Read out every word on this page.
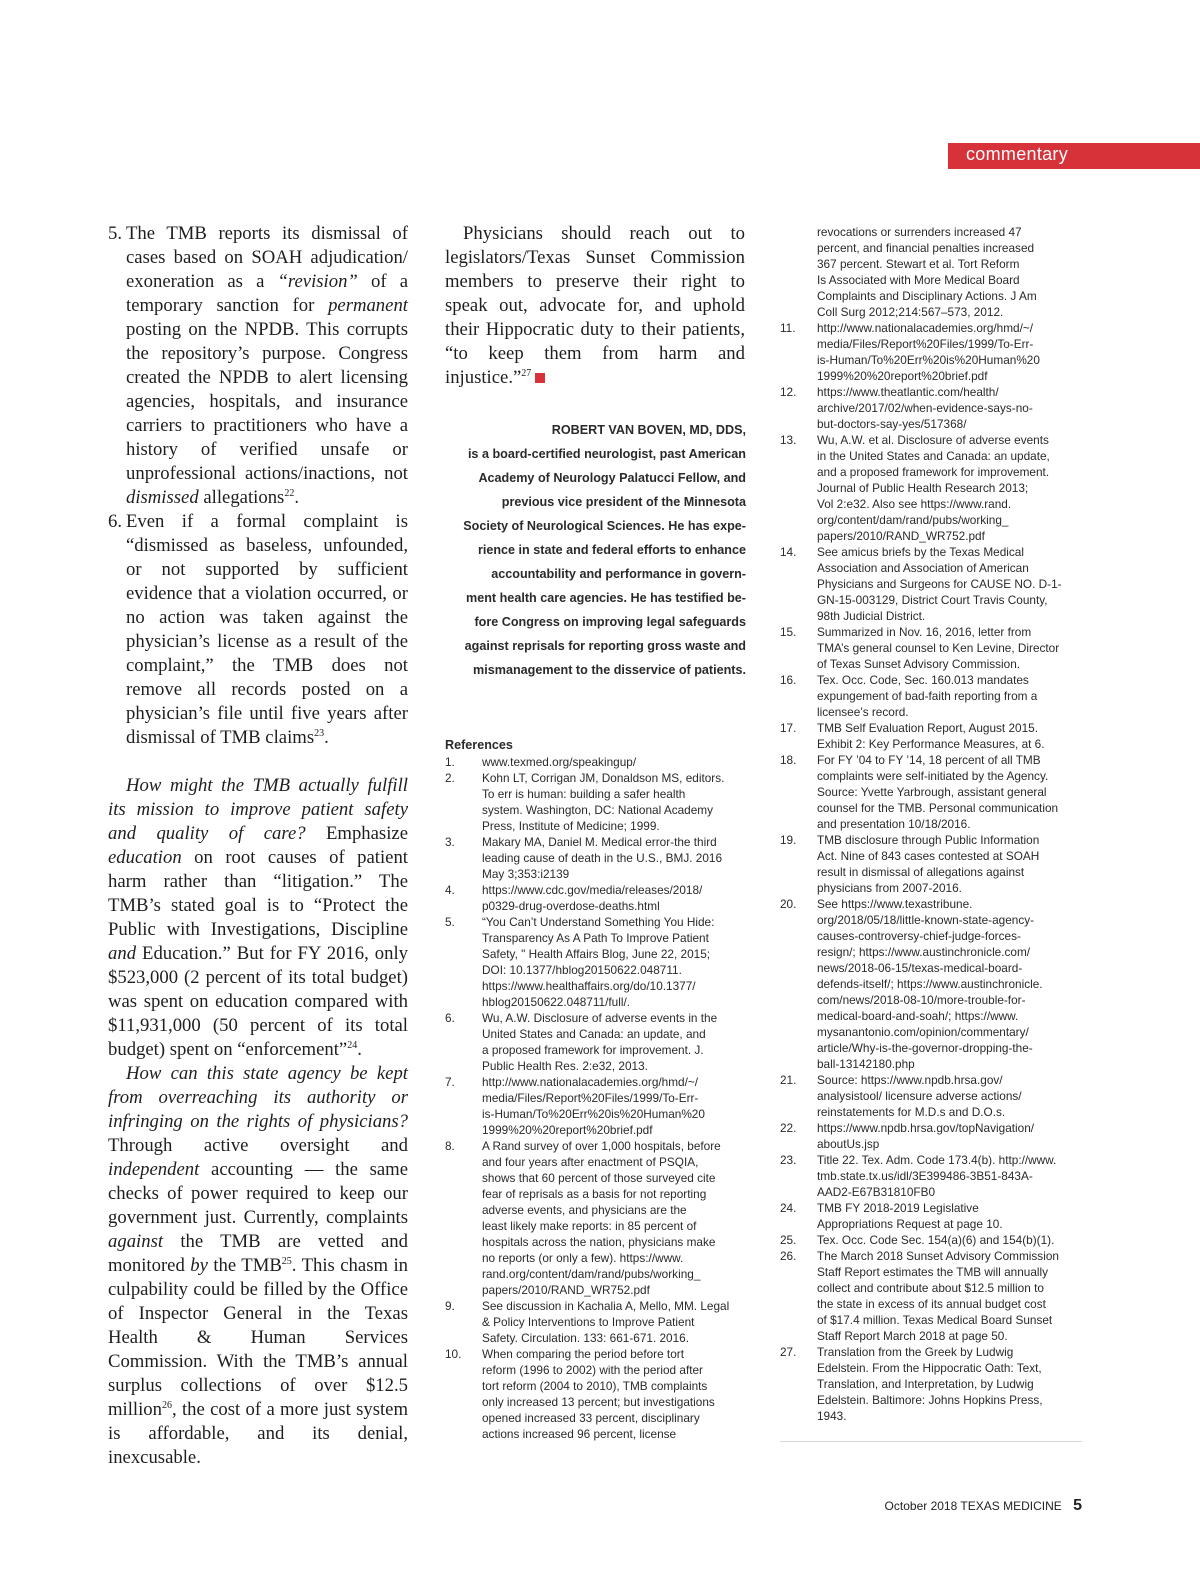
commentary
5. The TMB reports its dismissal of cases based on SOAH adjudication/ exoneration as a “revision” of a temporary sanction for permanent posting on the NPDB. This corrupts the repository’s purpose. Congress created the NPDB to alert licensing agencies, hospitals, and insurance carriers to practitioners who have a history of verified unsafe or unprofessional actions/inactions, not dismissed allegations$^{22}$.
6. Even if a formal complaint is “dismissed as baseless, unfounded, or not supported by sufficient evidence that a violation occurred, or no action was taken against the physician’s license as a result of the complaint,” the TMB does not remove all records posted on a physician’s file until five years after dismissal of TMB claims$^{23}$.

How might the TMB actually fulfill its mission to improve patient safety and quality of care? Emphasize education on root causes of patient harm rather than “litigation.” The TMB’s stated goal is to “Protect the Public with Investigations, Discipline and Education.” But for FY 2016, only $523,000 (2 percent of its total budget) was spent on education compared with $11,931,000 (50 percent of its total budget) spent on “enforcement”$^{24}$.

How can this state agency be kept from overreaching its authority or infringing on the rights of physicians? Through active oversight and independent accounting — the same checks of power required to keep our government just. Currently, complaints against the TMB are vetted and monitored by the TMB$^{25}$. This chasm in culpability could be filled by the Office of Inspector General in the Texas Health & Human Services Commission. With the TMB’s annual surplus collections of over $12.5 million$^{26}$, the cost of a more just system is affordable, and its denial, inexcusable.

Physicians should reach out to legislators/Texas Sunset Commission members to preserve their right to speak out, advocate for, and uphold their Hippocratic duty to their patients, “to keep them from harm and injustice.”$^{27}$

ROBERT VAN BOVEN, MD, DDS,
is a board-certified neurologist, past American
Academy of Neurology Palatucci Fellow, and
previous vice president of the Minnesota
Society of Neurological Sciences. He has expe-
rience in state and federal efforts to enhance
accountability and performance in govern-
ment health care agencies. He has testified be-
fore Congress on improving legal safeguards
against reprisals for reporting gross waste and
mismanagement to the disservice of patients.
References
1. www.texmed.org/speakingup/
2. Kohn LT, Corrigan JM, Donaldson MS, editors.
To err is human: building a safer health
system. Washington, DC: National Academy
Press, Institute of Medicine; 1999.
3. Makary MA, Daniel M. Medical error-the third
leading cause of death in the U.S., BMJ. 2016
May 3;353:i2139
4. https://www.cdc.gov/media/releases/2018/
p0329-drug-overdose-deaths.html
5. “You Can’t Understand Something You Hide:
Transparency As A Path To Improve Patient
Safety, " Health Affairs Blog, June 22, 2015;
DOI: 10.1377/hblog20150622.048711.
https://www.healthaffairs.org/do/10.1377/
hblog20150622.048711/full/.
6. Wu, A.W. Disclosure of adverse events in the
United States and Canada: an update, and
a proposed framework for improvement. J.
Public Health Res. 2:e32, 2013.
7. http://www.nationalacademies.org/hmd/~/
media/Files/Report%20Files/1999/To-Err-
is-Human/To%20Err%20is%20Human%20
1999%20%20report%20brief.pdf
8. A Rand survey of over 1,000 hospitals, before
and four years after enactment of PSQIA,
shows that 60 percent of those surveyed cite
fear of reprisals as a basis for not reporting
adverse events, and physicians are the
least likely make reports: in 85 percent of
hospitals across the nation, physicians make
no reports (or only a few). https://www.
rand.org/content/dam/rand/pubs/working_
papers/2010/RAND_WR752.pdf
9. See discussion in Kachalia A, Mello, MM. Legal
& Policy Interventions to Improve Patient
Safety. Circulation. 133: 661-671. 2016.
10. When comparing the period before tort
reform (1996 to 2002) with the period after
tort reform (2004 to 2010), TMB complaints
only increased 13 percent; but investigations
opened increased 33 percent, disciplinary
actions increased 96 percent, license
revocations or surrenders increased 47
percent, and financial penalties increased
367 percent. Stewart et al. Tort Reform
Is Associated with More Medical Board
Complaints and Disciplinary Actions. J Am
Coll Surg 2012;214:567–573, 2012.
11. http://www.nationalacademies.org/hmd/~/
media/Files/Report%20Files/1999/To-Err-
is-Human/To%20Err%20is%20Human%20
1999%20%20report%20brief.pdf
12. https://www.theatlantic.com/health/
archive/2017/02/when-evidence-says-no-
but-doctors-say-yes/517368/
13. Wu, A.W. et al. Disclosure of adverse events
in the United States and Canada: an update,
and a proposed framework for improvement.
Journal of Public Health Research 2013;
Vol 2:e32. Also see https://www.rand.
org/content/dam/rand/pubs/working_
papers/2010/RAND_WR752.pdf
14. See amicus briefs by the Texas Medical
Association and Association of American
Physicians and Surgeons for CAUSE NO. D-1-
GN-15-003129, District Court Travis County,
98th Judicial District.
15. Summarized in Nov. 16, 2016, letter from
TMA’s general counsel to Ken Levine, Director
of Texas Sunset Advisory Commission.
16. Tex. Occ. Code, Sec. 160.013 mandates
expungement of bad-faith reporting from a
licensee’s record.
17. TMB Self Evaluation Report, August 2015.
Exhibit 2: Key Performance Measures, at 6.
18. For FY ’04 to FY ’14, 18 percent of all TMB
complaints were self-initiated by the Agency.
Source: Yvette Yarbrough, assistant general
counsel for the TMB. Personal communication
and presentation 10/18/2016.
19. TMB disclosure through Public Information
Act. Nine of 843 cases contested at SOAH
result in dismissal of allegations against
physicians from 2007-2016.
20. See https://www.texastribune.
org/2018/05/18/little-known-state-agency-
causes-controversy-chief-judge-forces-
resign/; https://www.austinchronicle.com/
news/2018-06-15/texas-medical-board-
defends-itself/; https://www.austinchronicle.
com/news/2018-08-10/more-trouble-for-
medical-board-and-soah/; https://www.
mysanantonio.com/opinion/commentary/
article/Why-is-the-governor-dropping-the-
ball-13142180.php
21. Source: https://www.npdb.hrsa.gov/
analysistool/ licensure adverse actions/
reinstatements for M.D.s and D.O.s.
22. https://www.npdb.hrsa.gov/topNavigation/
aboutUs.jsp
23. Title 22. Tex. Adm. Code 173.4(b). http://www.
tmb.state.tx.us/idl/3E399486-3B51-843A-
AAD2-E67B31810FB0
24. TMB FY 2018-2019 Legislative
Appropriations Request at page 10.
25. Tex. Occ. Code Sec. 154(a)(6) and 154(b)(1).
26. The March 2018 Sunset Advisory Commission
Staff Report estimates the TMB will annually
collect and contribute about $12.5 million to
the state in excess of its annual budget cost
of $17.4 million. Texas Medical Board Sunset
Staff Report March 2018 at page 50.
27. Translation from the Greek by Ludwig
Edelstein. From the Hippocratic Oath: Text,
Translation, and Interpretation, by Ludwig
Edelstein. Baltimore: Johns Hopkins Press,
1943.
October 2018 TEXAS MEDICINE 5
